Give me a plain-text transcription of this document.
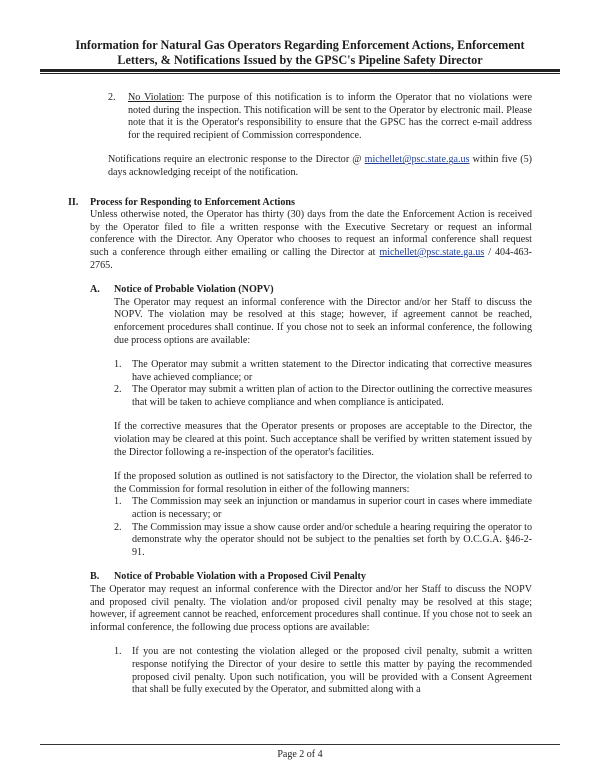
Information for Natural Gas Operators Regarding Enforcement Actions, Enforcement
Letters, & Notifications Issued by the GPSC's Pipeline Safety Director
2.	No Violation: The purpose of this notification is to inform the Operator that no violations were noted during the inspection. This notification will be sent to the Operator by electronic mail. Please note that it is the Operator's responsibility to ensure that the GPSC has the correct e-mail address for the required recipient of Commission correspondence.
Notifications require an electronic response to the Director @ michellet@psc.state.ga.us within five (5) days acknowledging receipt of the notification.
II.	Process for Responding to Enforcement Actions
Unless otherwise noted, the Operator has thirty (30) days from the date the Enforcement Action is received by the Operator filed to file a written response with the Executive Secretary or request an informal conference with the Director. Any Operator who chooses to request an informal conference shall request such a conference through either emailing or calling the Director at michellet@psc.state.ga.us / 404-463-2765.
A.	Notice of Probable Violation (NOPV)
The Operator may request an informal conference with the Director and/or her Staff to discuss the NOPV. The violation may be resolved at this stage; however, if agreement cannot be reached, enforcement procedures shall continue. If you chose not to seek an informal conference, the following due process options are available:
1.	The Operator may submit a written statement to the Director indicating that corrective measures have achieved compliance; or
2.	The Operator may submit a written plan of action to the Director outlining the corrective measures that will be taken to achieve compliance and when compliance is anticipated.
If the corrective measures that the Operator presents or proposes are acceptable to the Director, the violation may be cleared at this point. Such acceptance shall be verified by written statement issued by the Director following a re-inspection of the operator's facilities.
If the proposed solution as outlined is not satisfactory to the Director, the violation shall be referred to the Commission for formal resolution in either of the following manners:
1.	The Commission may seek an injunction or mandamus in superior court in cases where immediate action is necessary; or
2.	The Commission may issue a show cause order and/or schedule a hearing requiring the operator to demonstrate why the operator should not be subject to the penalties set forth by O.C.G.A. §46-2-91.
B.	Notice of Probable Violation with a Proposed Civil Penalty
The Operator may request an informal conference with the Director and/or her Staff to discuss the NOPV and proposed civil penalty. The violation and/or proposed civil penalty may be resolved at this stage; however, if agreement cannot be reached, enforcement procedures shall continue. If you chose not to seek an informal conference, the following due process options are available:
1.	If you are not contesting the violation alleged or the proposed civil penalty, submit a written response notifying the Director of your desire to settle this matter by paying the recommended proposed civil penalty. Upon such notification, you will be provided with a Consent Agreement that shall be fully executed by the Operator, and submitted along with a
Page 2 of 4
